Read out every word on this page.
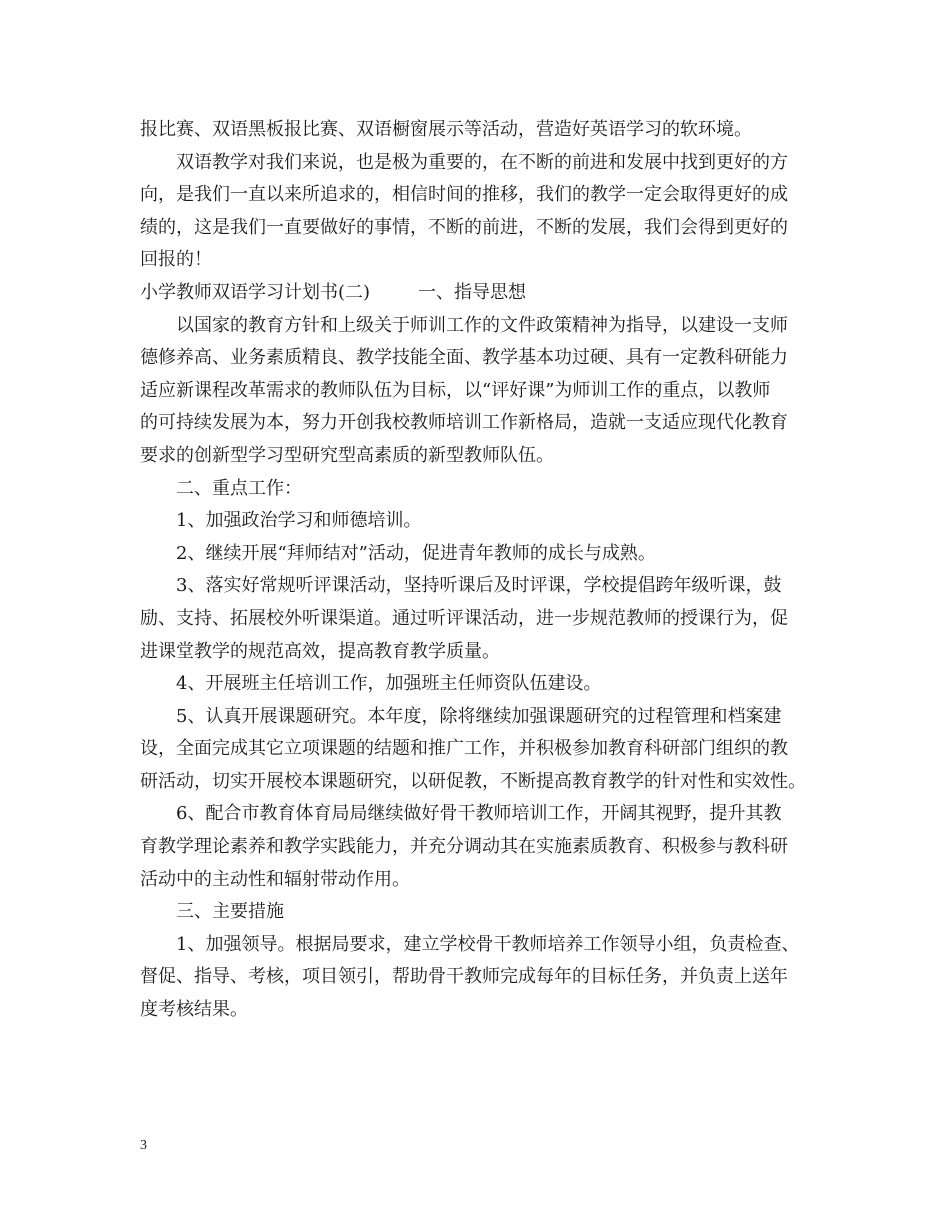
报比赛、双语黑板报比赛、双语橱窗展示等活动，营造好英语学习的软环境。
双语教学对我们来说，也是极为重要的，在不断的前进和发展中找到更好的方
向，是我们一直以来所追求的，相信时间的推移，我们的教学一定会取得更好的成
绩的，这是我们一直要做好的事情，不断的前进，不断的发展，我们会得到更好的
回报的！
小学教师双语学习计划书(二)	一、指导思想
以国家的教育方针和上级关于师训工作的文件政策精神为指导，以建设一支师
德修养高、业务素质精良、教学技能全面、教学基本功过硬、具有一定教科研能力
适应新课程改革需求的教师队伍为目标，以“评好课”为师训工作的重点，以教师
的可持续发展为本，努力开创我校教师培训工作新格局，造就一支适应现代化教育
要求的创新型学习型研究型高素质的新型教师队伍。
二、重点工作：
1、加强政治学习和师德培训。
2、继续开展“拜师结对”活动，促进青年教师的成长与成熟。
3、落实好常规听评课活动，坚持听课后及时评课，学校提倡跨年级听课，鼓
励、支持、拓展校外听课渠道。通过听评课活动，进一步规范教师的授课行为，促
进课堂教学的规范高效，提高教育教学质量。
4、开展班主任培训工作，加强班主任师资队伍建设。
5、认真开展课题研究。本年度，除将继续加强课题研究的过程管理和档案建
设，全面完成其它立项课题的结题和推广工作，并积极参加教育科研部门组织的教
研活动，切实开展校本课题研究，以研促教，不断提高教育教学的针对性和实效性。
6、配合市教育体育局局继续做好骨干教师培训工作，开阔其视野，提升其教
育教学理论素养和教学实践能力，并充分调动其在实施素质教育、积极参与教科研
活动中的主动性和辐射带动作用。
三、主要措施
1、加强领导。根据局要求，建立学校骨干教师培养工作领导小组，负责检查、
督促、指导、考核，项目领引，帮助骨干教师完成每年的目标任务，并负责上送年
度考核结果。
3
